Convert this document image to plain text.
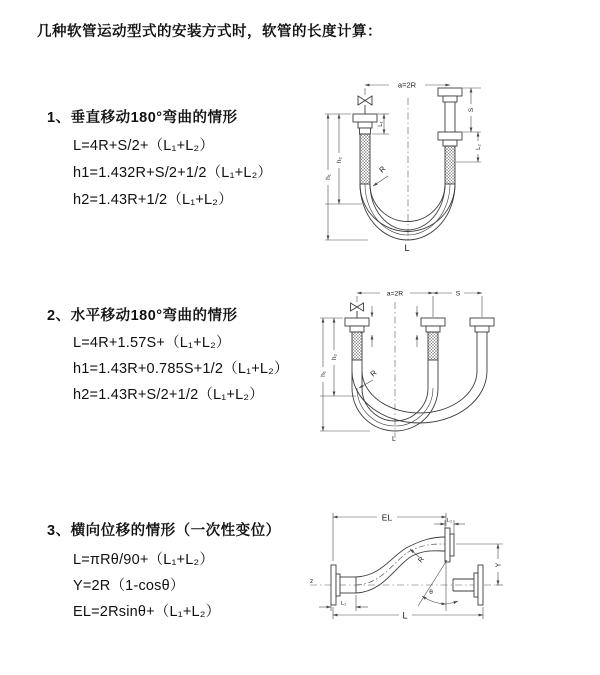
几种软管运动型式的安装方式时，软管的长度计算：
1、垂直移动180°弯曲的情形
L=4R+S/2+（L₁+L₂）
h1=1.432R+S/2+1/2（L₁+L₂）
h2=1.43R+1/2（L₁+L₂）
2、水平移动180°弯曲的情形
L=4R+1.57S+（L₁+L₂）
h1=1.43R+0.785S+1/2（L₁+L₂）
h2=1.43R+S/2+1/2（L₁+L₂）
3、横向位移的情形（一次性变位）
L=πRθ/90+（L₁+L₂）
Y=2R（1-cosθ）
EL=2Rsinθ+（L₁+L₂）
a=2R
h₁
h₂
L₁
S
L₂
R
L
a=2R	S
h₁
h₂
R
L
z
EL	L₂
Y
θ
R
L₁
L
